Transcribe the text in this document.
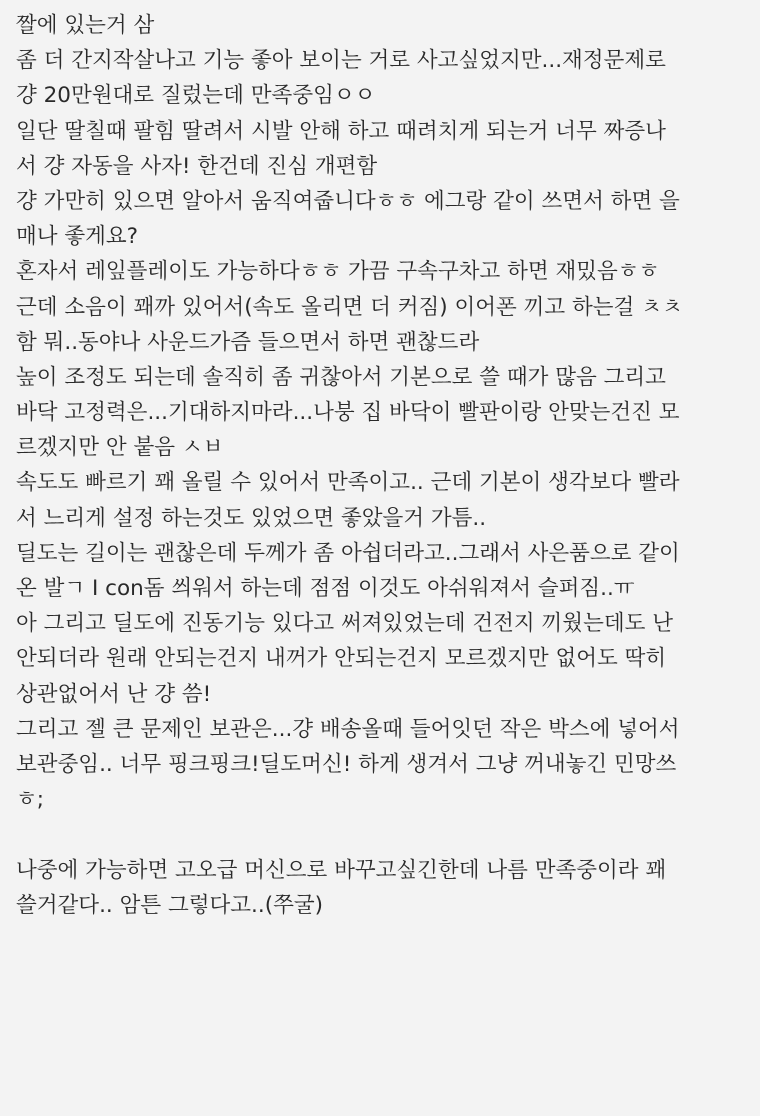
짤에 있는거 삼
좀 더 간지작살나고 기능 좋아 보이는 거로 사고싶었지만...재정문제로
걍 20만원대로 질렀는데 만족중임ㅇㅇ
일단 딸칠때 팔힘 딸려서 시발 안해 하고 때려치게 되는거 너무 짜증나
서 걍 자동을 사자! 한건데 진심 개편함
걍 가만히 있으면 알아서 움직여줍니다ㅎㅎ 에그랑 같이 쓰면서 하면 을
매나 좋게요?
혼자서 레잎플레이도 가능하다ㅎㅎ 가끔 구속구차고 하면 재밌음ㅎㅎ
근데 소음이 꽤까 있어서(속도 올리면 더 커짐) 이어폰 끼고 하는걸 ㅊㅊ
함 뭐..동야나 사운드가즘 들으면서 하면 괜찮드라
높이 조정도 되는데 솔직히 좀 귀찮아서 기본으로 쓸 때가 많음 그리고
바닥 고정력은...기대하지마라...나붕 집 바닥이 빨판이랑 안맞는건진 모
르겠지만 안 붙음 ㅅㅂ
속도도 빠르기 꽤 올릴 수 있어서 만족이고.. 근데 기본이 생각보다 빨라
서 느리게 설정 하는것도 있었으면 좋았을거 가틈..
딜도는 길이는 괜찮은데 두께가 좀 아쉽더라고..그래서 사은품으로 같이
온 발ㄱ I con돔 씌워서 하는데 점점 이것도 아쉬워져서 슬퍼짐..ㅠ
아 그리고 딜도에 진동기능 있다고 써져있었는데 건전지 끼웠는데도 난
안되더라 원래 안되는건지 내꺼가 안되는건지 모르겠지만 없어도 딱히
상관없어서 난 걍 씀!
그리고 젤 큰 문제인 보관은...걍 배송올때 들어잇던 작은 박스에 넣어서
보관중임.. 너무 핑크핑크!딜도머신! 하게 생겨서 그냥 꺼내놓긴 민망쓰
ㅎ;
나중에 가능하면 고오급 머신으로 바꾸고싶긴한데 나름 만족중이라 꽤
쓸거같다.. 암튼 그렇다고..(쭈굴)
